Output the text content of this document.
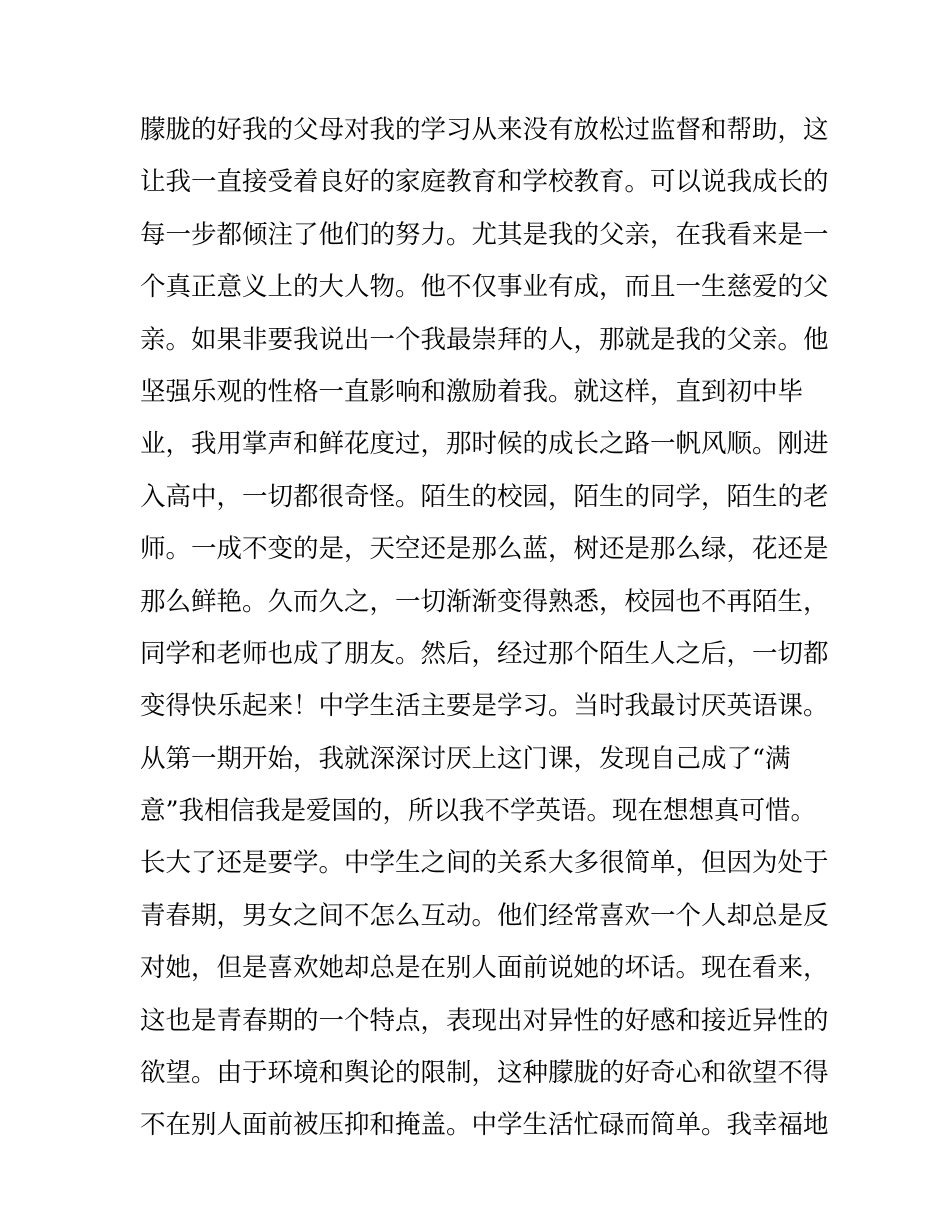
朦胧的好我的父母对我的学习从来没有放松过监督和帮助，这
让我一直接受着良好的家庭教育和学校教育。可以说我成长的
每一步都倾注了他们的努力。尤其是我的父亲，在我看来是一
个真正意义上的大人物。他不仅事业有成，而且一生慈爱的父
亲。如果非要我说出一个我最崇拜的人，那就是我的父亲。他
坚强乐观的性格一直影响和激励着我。就这样，直到初中毕
业，我用掌声和鲜花度过，那时候的成长之路一帆风顺。刚进
入高中，一切都很奇怪。陌生的校园，陌生的同学，陌生的老
师。一成不变的是，天空还是那么蓝，树还是那么绿，花还是
那么鲜艳。久而久之，一切渐渐变得熟悉，校园也不再陌生，
同学和老师也成了朋友。然后，经过那个陌生人之后，一切都
变得快乐起来！中学生活主要是学习。当时我最讨厌英语课。
从第一期开始，我就深深讨厌上这门课，发现自己成了“满
意”我相信我是爱国的，所以我不学英语。现在想想真可惜。
长大了还是要学。中学生之间的关系大多很简单，但因为处于
青春期，男女之间不怎么互动。他们经常喜欢一个人却总是反
对她，但是喜欢她却总是在别人面前说她的坏话。现在看来，
这也是青春期的一个特点，表现出对异性的好感和接近异性的
欲望。由于环境和舆论的限制，这种朦胧的好奇心和欲望不得
不在别人面前被压抑和掩盖。中学生活忙碌而简单。我幸福地
